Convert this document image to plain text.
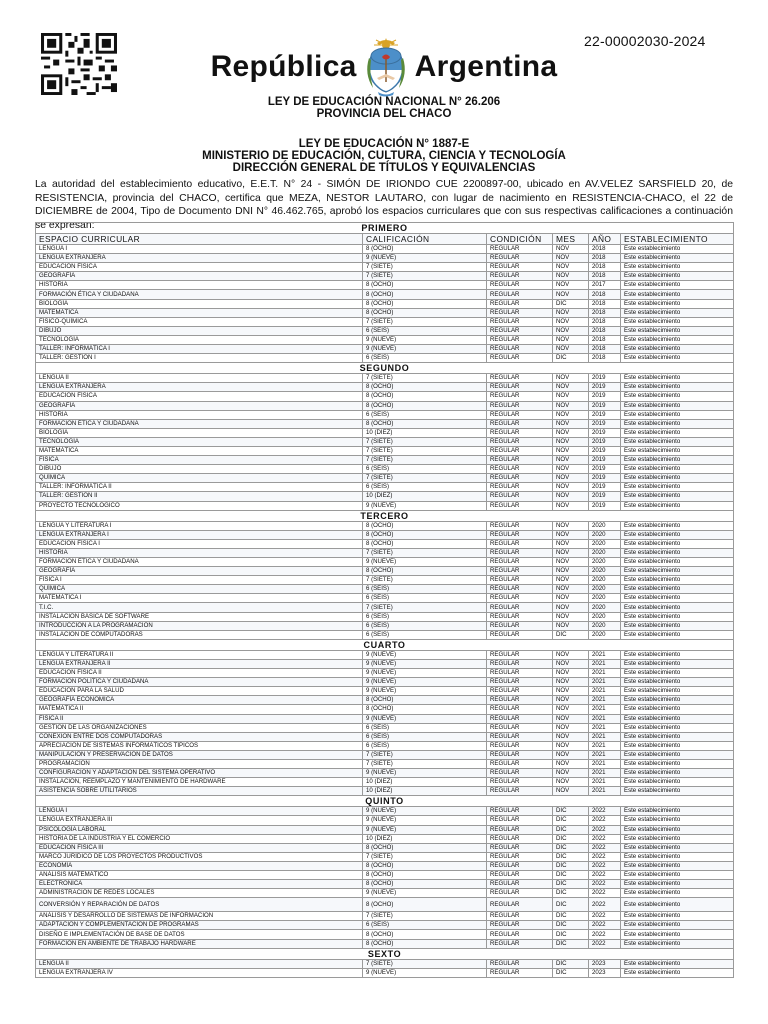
22-00002030-2024
República Argentina
LEY DE EDUCACIÓN NACIONAL N° 26.206
PROVINCIA DEL CHACO
LEY DE EDUCACIÓN N° 1887-E
MINISTERIO DE EDUCACIÓN, CULTURA, CIENCIA Y TECNOLOGÍA
DIRECCIÓN GENERAL DE TÍTULOS Y EQUIVALENCIAS
La autoridad del establecimiento educativo, E.E.T. N° 24 - SIMÓN DE IRIONDO CUE 2200897-00, ubicado en AV.VELEZ SARSFIELD 20, de RESISTENCIA, provincia del CHACO, certifica que MEZA, NESTOR LAUTARO, con lugar de nacimiento en RESISTENCIA-CHACO, el 22 de DICIEMBRE de 2004, Tipo de Documento DNI N° 46.462.765, aprobó los espacios curriculares que con sus respectivas calificaciones a continuación se expresan:	PRIMERO					
ESPACIO CURRICULAR	CALIFICACIÓN	CONDICIÓN	MES	AÑO	ESTABLECIMIENTO
LENGUA I	8 (OCHO)	REGULAR	NOV	2018	Este establecimiento
LENGUA EXTRANJERA	9 (NUEVE)	REGULAR	NOV	2018	Este establecimiento
EDUCACIÓN FÍSICA	7 (SIETE)	REGULAR	NOV	2018	Este establecimiento
GEOGRAFÍA	7 (SIETE)	REGULAR	NOV	2018	Este establecimiento
HISTORIA	8 (OCHO)	REGULAR	NOV	2017	Este establecimiento
FORMACIÓN ÉTICA Y CIUDADANA	8 (OCHO)	REGULAR	NOV	2018	Este establecimiento
BIOLOGÍA	8 (OCHO)	REGULAR	DIC	2018	Este establecimiento
MATEMÁTICA	8 (OCHO)	REGULAR	NOV	2018	Este establecimiento
FÍSICO-QUÍMICA	7 (SIETE)	REGULAR	NOV	2018	Este establecimiento
DIBUJO	6 (SEIS)	REGULAR	NOV	2018	Este establecimiento
TECNOLOGÍA	9 (NUEVE)	REGULAR	NOV	2018	Este establecimiento
TALLER: INFORMÁTICA I	9 (NUEVE)	REGULAR	NOV	2018	Este establecimiento
TALLER: GESTIÓN I	6 (SEIS)	REGULAR	DIC	2018	Este establecimiento
SEGUNDO					
LENGUA II	7 (SIETE)	REGULAR	NOV	2019	Este establecimiento
LENGUA EXTRANJERA	8 (OCHO)	REGULAR	NOV	2019	Este establecimiento
EDUCACIÓN FÍSICA	8 (OCHO)	REGULAR	NOV	2019	Este establecimiento
GEOGRAFÍA	8 (OCHO)	REGULAR	NOV	2019	Este establecimiento
HISTORIA	6 (SEIS)	REGULAR	NOV	2019	Este establecimiento
FORMACIÓN ÉTICA Y CIUDADANA	8 (OCHO)	REGULAR	NOV	2019	Este establecimiento
BIOLOGÍA	10 (DIEZ)	REGULAR	NOV	2019	Este establecimiento
TECNOLOGÍA	7 (SIETE)	REGULAR	NOV	2019	Este establecimiento
MATEMÁTICA	7 (SIETE)	REGULAR	NOV	2019	Este establecimiento
FÍSICA	7 (SIETE)	REGULAR	NOV	2019	Este establecimiento
DIBUJO	6 (SEIS)	REGULAR	NOV	2019	Este establecimiento
QUÍMICA	7 (SIETE)	REGULAR	NOV	2019	Este establecimiento
TALLER: INFORMÁTICA II	6 (SEIS)	REGULAR	NOV	2019	Este establecimiento
TALLER: GESTIÓN II	10 (DIEZ)	REGULAR	NOV	2019	Este establecimiento
PROYECTO TECNOLÓGICO	9 (NUEVE)	REGULAR	NOV	2019	Este establecimiento
TERCERO					
LENGUA Y LITERATURA I	8 (OCHO)	REGULAR	NOV	2020	Este establecimiento
LENGUA EXTRANJERA I	8 (OCHO)	REGULAR	NOV	2020	Este establecimiento
EDUCACIÓN FÍSICA I	8 (OCHO)	REGULAR	NOV	2020	Este establecimiento
HISTORIA	7 (SIETE)	REGULAR	NOV	2020	Este establecimiento
FORMACIÓN ÉTICA Y CIUDADANA	9 (NUEVE)	REGULAR	NOV	2020	Este establecimiento
GEOGRAFÍA	8 (OCHO)	REGULAR	NOV	2020	Este establecimiento
FÍSICA I	7 (SIETE)	REGULAR	NOV	2020	Este establecimiento
QUÍMICA	6 (SEIS)	REGULAR	NOV	2020	Este establecimiento
MATEMÁTICA I	6 (SEIS)	REGULAR	NOV	2020	Este establecimiento
T.I.C.	7 (SIETE)	REGULAR	NOV	2020	Este establecimiento
INSTALACIÓN BÁSICA DE SOFTWARE	6 (SEIS)	REGULAR	NOV	2020	Este establecimiento
INTRODUCCIÓN A LA PROGRAMACIÓN	6 (SEIS)	REGULAR	NOV	2020	Este establecimiento
INSTALACIÓN DE COMPUTADORAS	6 (SEIS)	REGULAR	DIC	2020	Este establecimiento
CUARTO					
LENGUA Y LITERATURA II	9 (NUEVE)	REGULAR	NOV	2021	Este establecimiento
LENGUA EXTRANJERA II	9 (NUEVE)	REGULAR	NOV	2021	Este establecimiento
EDUCACIÓN FÍSICA II	9 (NUEVE)	REGULAR	NOV	2021	Este establecimiento
FORMACIÓN POLÍTICA Y CIUDADANA	9 (NUEVE)	REGULAR	NOV	2021	Este establecimiento
EDUCACIÓN PARA LA SALUD	9 (NUEVE)	REGULAR	NOV	2021	Este establecimiento
GEOGRAFÍA ECONÓMICA	8 (OCHO)	REGULAR	NOV	2021	Este establecimiento
MATEMÁTICA II	8 (OCHO)	REGULAR	NOV	2021	Este establecimiento
FÍSICA II	9 (NUEVE)	REGULAR	NOV	2021	Este establecimiento
GESTIÓN DE LAS ORGANIZACIONES	6 (SEIS)	REGULAR	NOV	2021	Este establecimiento
CONEXIÓN ENTRE DOS COMPUTADORAS	6 (SEIS)	REGULAR	NOV	2021	Este establecimiento
APRECIACIÓN DE SISTEMAS INFORMÁTICOS TÍPICOS	6 (SEIS)	REGULAR	NOV	2021	Este establecimiento
MANIPULACIÓN Y PRESERVACIÓN DE DATOS	7 (SIETE)	REGULAR	NOV	2021	Este establecimiento
PROGRAMACIÓN	7 (SIETE)	REGULAR	NOV	2021	Este establecimiento
CONFIGURACIÓN Y ADAPTACIÓN DEL SISTEMA OPERATIVO	9 (NUEVE)	REGULAR	NOV	2021	Este establecimiento
INSTALACIÓN, REEMPLAZO Y MANTENIMIENTO DE HARDWARE	10 (DIEZ)	REGULAR	NOV	2021	Este establecimiento
ASISTENCIA SOBRE UTILITARIOS	10 (DIEZ)	REGULAR	NOV	2021	Este establecimiento
QUINTO					
LENGUA I	9 (NUEVE)	REGULAR	DIC	2022	Este establecimiento
LENGUA EXTRANJERA III	9 (NUEVE)	REGULAR	DIC	2022	Este establecimiento
PSICOLOGÍA LABORAL	9 (NUEVE)	REGULAR	DIC	2022	Este establecimiento
HISTORIA DE LA INDUSTRIA Y EL COMERCIO	10 (DIEZ)	REGULAR	DIC	2022	Este establecimiento
EDUCACIÓN FÍSICA III	8 (OCHO)	REGULAR	DIC	2022	Este establecimiento
MARCO JURÍDICO DE LOS PROYECTOS PRODUCTIVOS	7 (SIETE)	REGULAR	DIC	2022	Este establecimiento
ECONOMÍA	8 (OCHO)	REGULAR	DIC	2022	Este establecimiento
ANÁLISIS MATEMÁTICO	8 (OCHO)	REGULAR	DIC	2022	Este establecimiento
ELECTRÓNICA	8 (OCHO)	REGULAR	DIC	2022	Este establecimiento
ADMINISTRACIÓN DE REDES LOCALES	9 (NUEVE)	REGULAR	DIC	2022	Este establecimiento
CONVERSIÓN Y REPARACIÓN DE DATOS	8 (OCHO)	REGULAR	DIC	2022	Este establecimiento
ANÁLISIS Y DESARROLLO DE SISTEMAS DE INFORMACIÓN	7 (SIETE)	REGULAR	DIC	2022	Este establecimiento
ADAPTACIÓN Y COMPLEMENTACIÓN DE PROGRAMAS	6 (SEIS)	REGULAR	DIC	2022	Este establecimiento
DISEÑO E IMPLEMENTACIÓN DE BASE DE DATOS	8 (OCHO)	REGULAR	DIC	2022	Este establecimiento
FORMACIÓN EN AMBIENTE DE TRABAJO HARDWARE	8 (OCHO)	REGULAR	DIC	2022	Este establecimiento
SEXTO					
LENGUA II	7 (SIETE)	REGULAR	DIC	2023	Este establecimiento
LENGUA EXTRANJERA IV	9 (NUEVE)	REGULAR	DIC	2023	Este establecimiento
